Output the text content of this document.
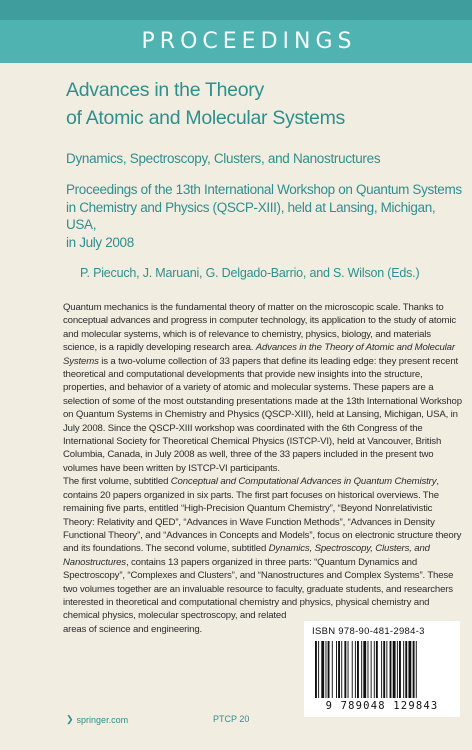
PROCEEDINGS
Advances in the Theory
of Atomic and Molecular Systems
Dynamics, Spectroscopy, Clusters, and Nanostructures
Proceedings of the 13th International Workshop on Quantum Systems
in Chemistry and Physics (QSCP-XIII), held at Lansing, Michigan, USA,
in July 2008
P. Piecuch, J. Maruani, G. Delgado-Barrio, and S. Wilson (Eds.)

Quantum mechanics is the fundamental theory of matter on the microscopic scale. Thanks to conceptual advances and progress in computer technology, its application to the study of atomic and molecular systems, which is of relevance to chemistry, physics, biology, and materials science, is a rapidly developing research area. Advances in the Theory of Atomic and Molecular Systems is a two-volume collection of 33 papers that define its leading edge: they present recent theoretical and computational developments that provide new insights into the structure, properties, and behavior of a variety of atomic and molecular systems. These papers are a selection of some of the most outstanding presentations made at the 13th International Workshop on Quantum Systems in Chemistry and Physics (QSCP-XIII), held at Lansing, Michigan, USA, in July 2008. Since the QSCP-XIII workshop was coordinated with the 6th Congress of the International Society for Theoretical Chemical Physics (ISTCP-VI), held at Vancouver, British Columbia, Canada, in July 2008 as well, three of the 33 papers included in the present two volumes have been written by ISTCP-VI participants.

The first volume, subtitled Conceptual and Computational Advances in Quantum Chemistry, contains 20 papers organized in six parts. The first part focuses on historical overviews. The remaining five parts, entitled “High-Precision Quantum Chemistry”, “Beyond Nonrelativistic Theory: Relativity and QED”, “Advances in Wave Function Methods”, “Advances in Density Functional Theory”, and “Advances in Concepts and Models”, focus on electronic structure theory and its foundations. The second volume, subtitled Dynamics, Spectroscopy, Clusters, and Nanostructures, contains 13 papers organized in three parts: “Quantum Dynamics and Spectroscopy”, “Complexes and Clusters”, and “Nanostructures and Complex Systems”. These two volumes together are an invaluable resource to faculty, graduate students, and researchers interested in theoretical and computational chemistry and physics, physical chemistry and

chemical physics, molecular spectroscopy, and related areas of science and engineering.	ISBN 978-90-481-2984-3
9 789048 129843
❯ springer.com	PTCP 20
